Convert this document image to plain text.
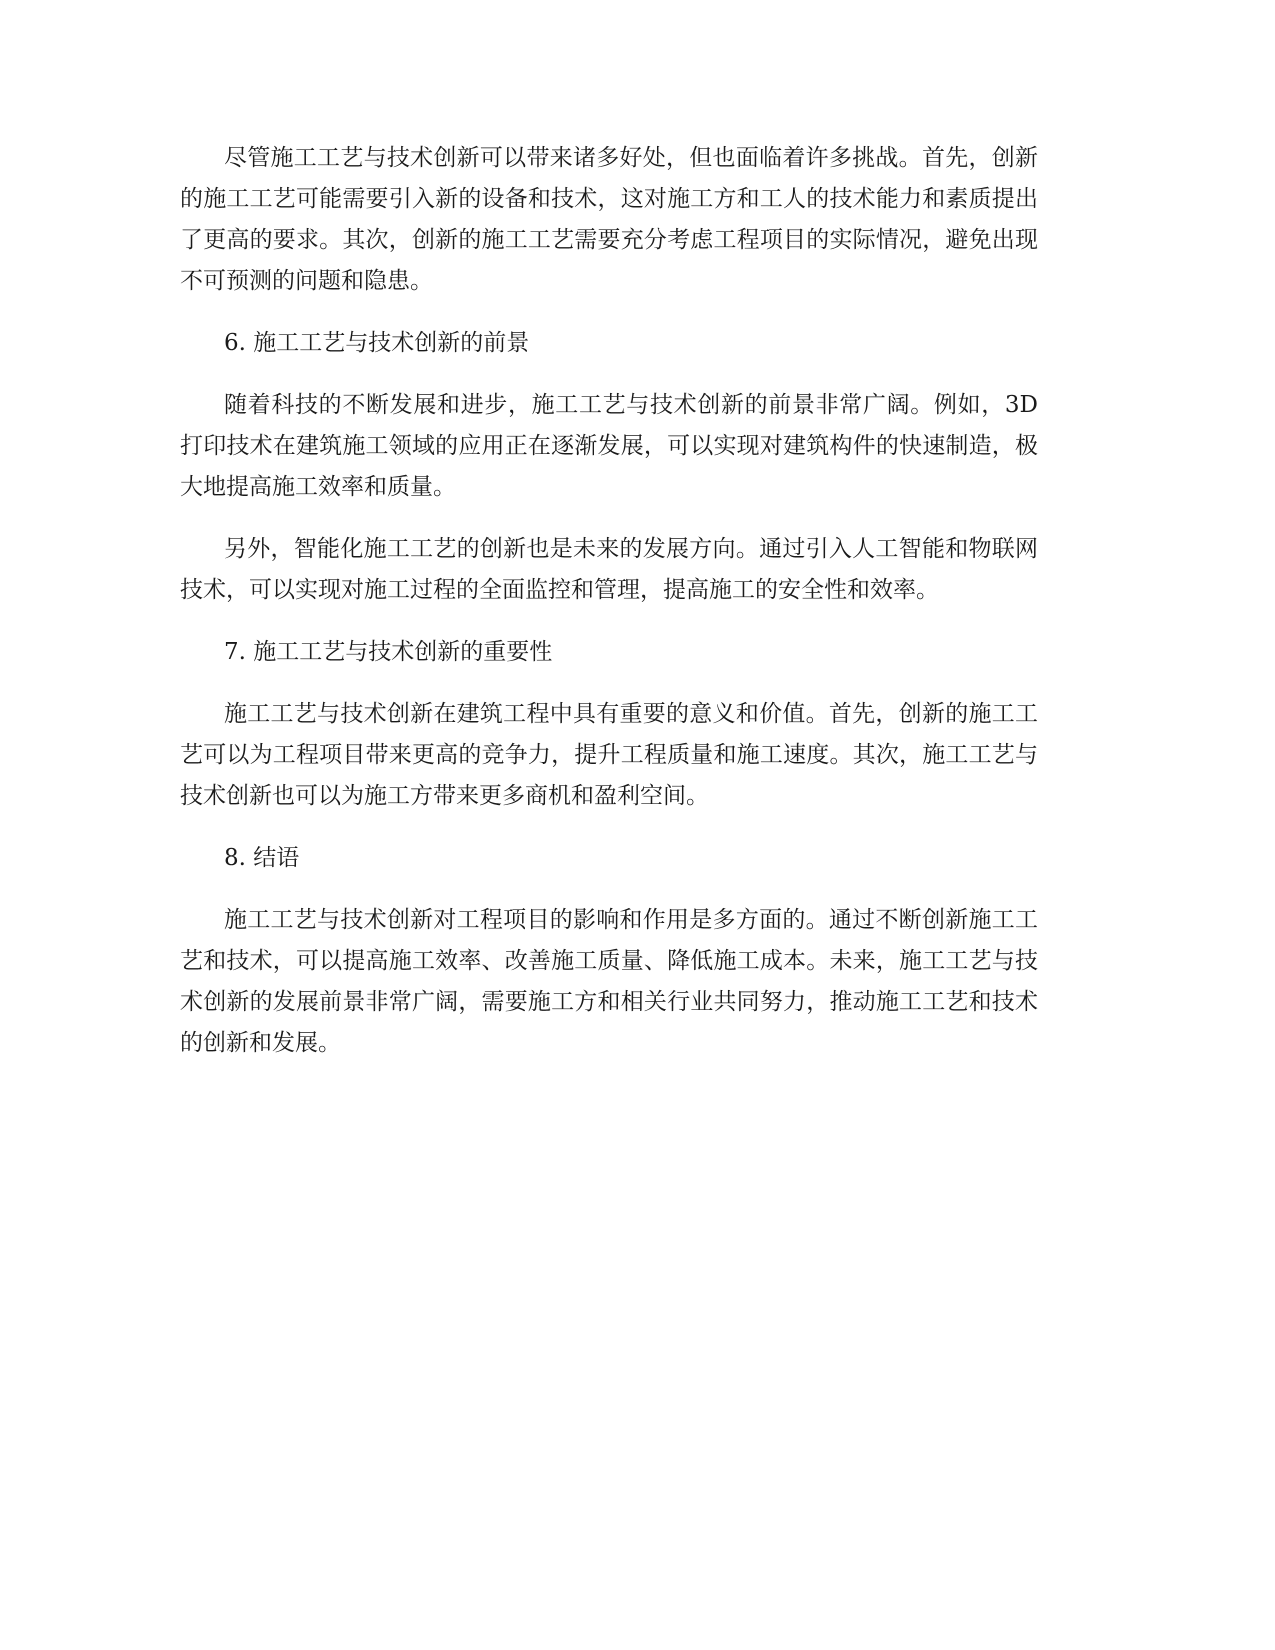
尽管施工工艺与技术创新可以带来诸多好处，但也面临着许多挑战。首先，创新的施工工艺可能需要引入新的设备和技术，这对施工方和工人的技术能力和素质提出了更高的要求。其次，创新的施工工艺需要充分考虑工程项目的实际情况，避免出现不可预测的问题和隐患。

6. 施工工艺与技术创新的前景

随着科技的不断发展和进步，施工工艺与技术创新的前景非常广阔。例如，3D打印技术在建筑施工领域的应用正在逐渐发展，可以实现对建筑构件的快速制造，极大地提高施工效率和质量。

另外，智能化施工工艺的创新也是未来的发展方向。通过引入人工智能和物联网技术，可以实现对施工过程的全面监控和管理，提高施工的安全性和效率。

7. 施工工艺与技术创新的重要性

施工工艺与技术创新在建筑工程中具有重要的意义和价值。首先，创新的施工工艺可以为工程项目带来更高的竞争力，提升工程质量和施工速度。其次，施工工艺与技术创新也可以为施工方带来更多商机和盈利空间。

8. 结语

施工工艺与技术创新对工程项目的影响和作用是多方面的。通过不断创新施工工艺和技术，可以提高施工效率、改善施工质量、降低施工成本。未来，施工工艺与技术创新的发展前景非常广阔，需要施工方和相关行业共同努力，推动施工工艺和技术的创新和发展。
